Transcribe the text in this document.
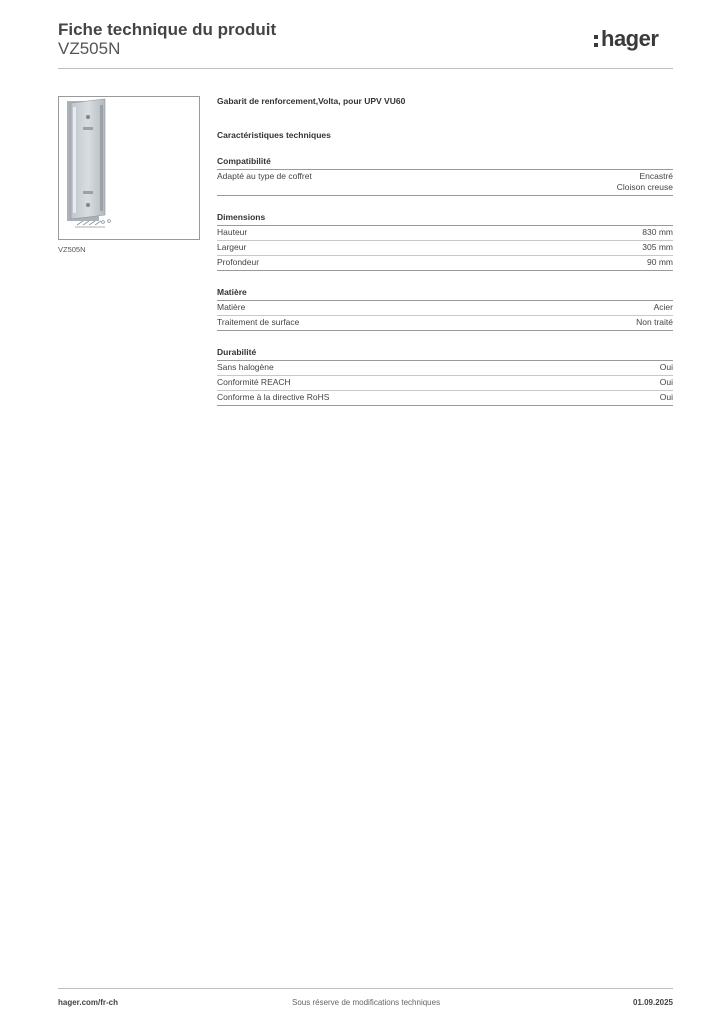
Fiche technique du produit
VZ505N	hager
VZ505N
Gabarit de renforcement,Volta, pour UPV VU60
Caractéristiques techniques
Compatibilité
Adapté au type de coffret	Encastré
Cloison creuse
Dimensions
Hauteur	830 mm
Largeur	305 mm
Profondeur	90 mm
Matière
Matière	Acier
Traitement de surface	Non traité
Durabilité
Sans halogène	Oui
Conformité REACH	Oui
Conforme à la directive RoHS	Oui
hager.com/fr-ch	Sous réserve de modifications techniques	01.09.2025
